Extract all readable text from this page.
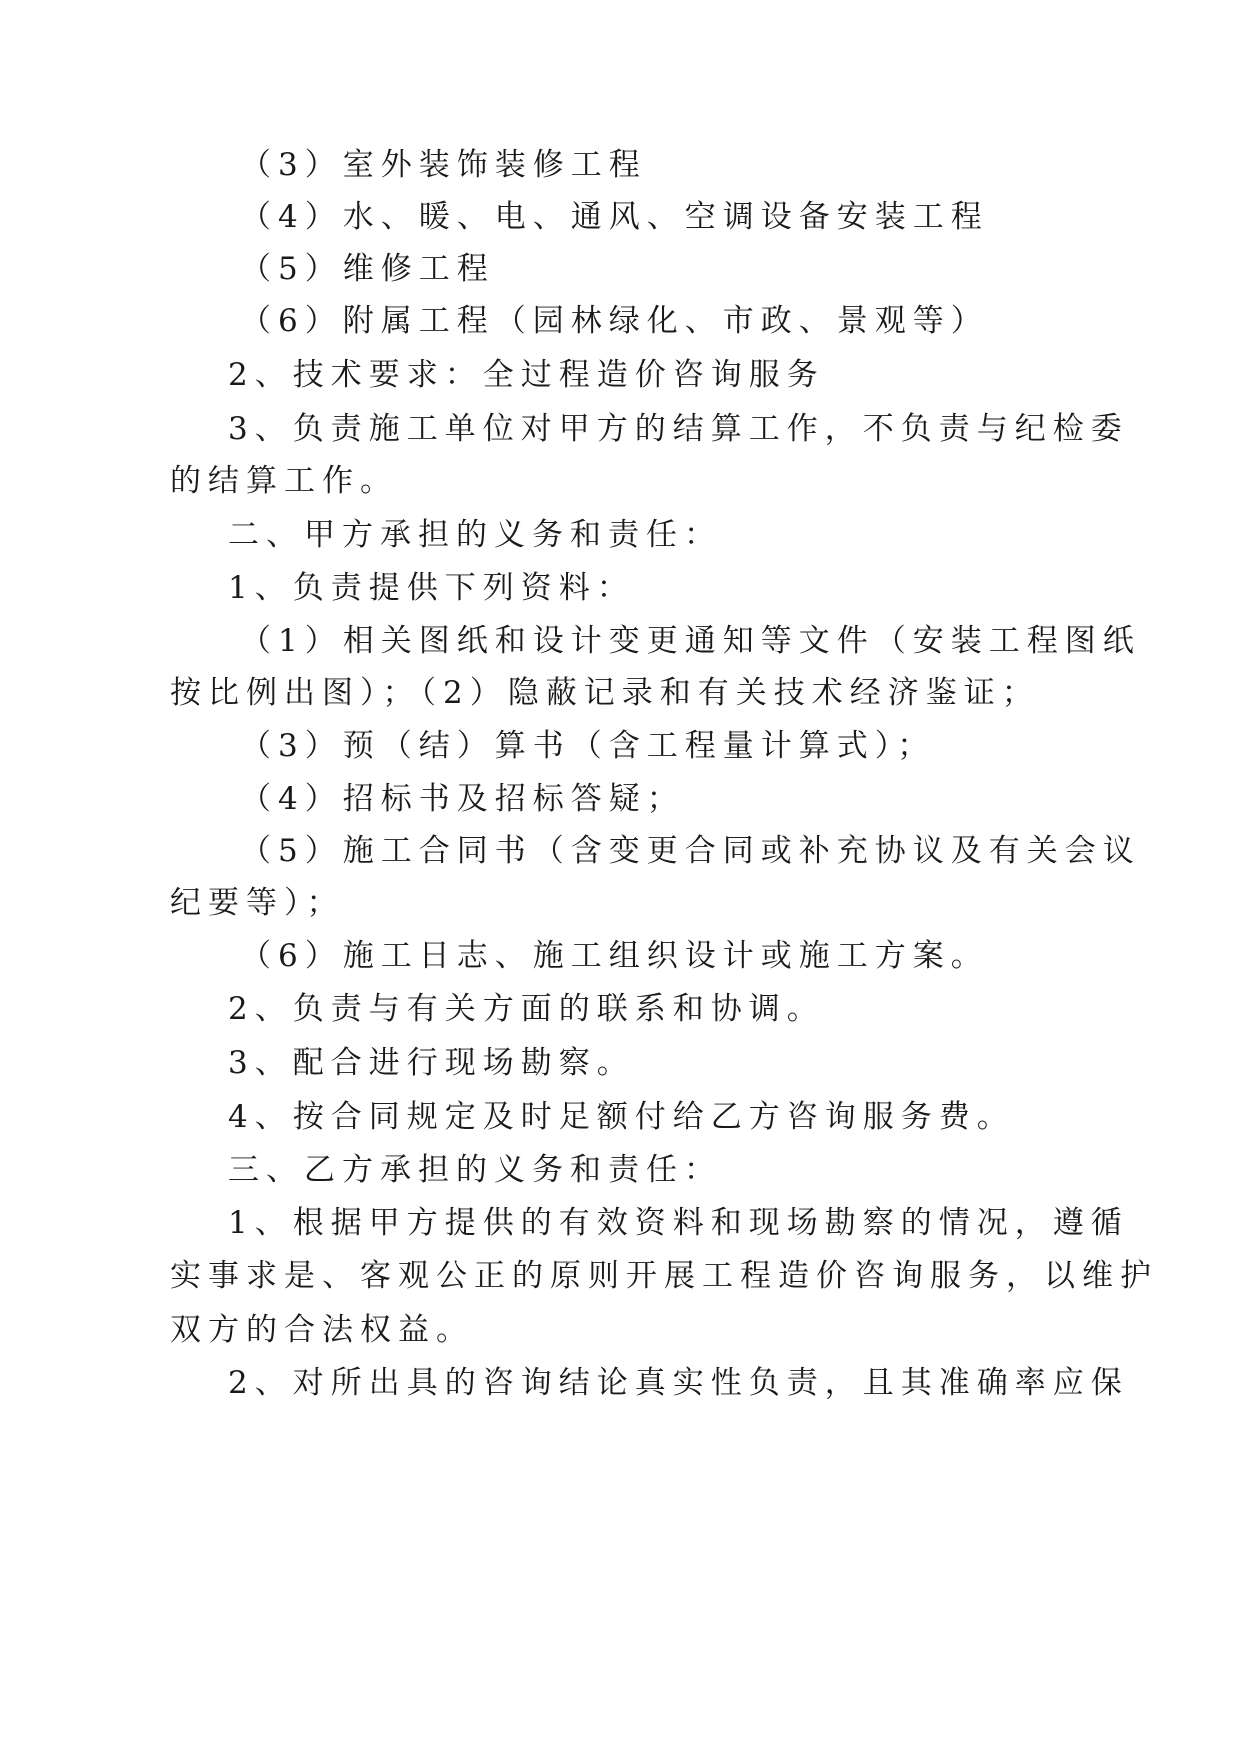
（3）室外装饰装修工程
（4）水、暖、电、通风、空调设备安装工程
（5）维修工程
（6）附属工程（园林绿化、市政、景观等）
2、技术要求：全过程造价咨询服务
3、负责施工单位对甲方的结算工作，不负责与纪检委
的结算工作。
二、甲方承担的义务和责任：
1、负责提供下列资料：
（1）相关图纸和设计变更通知等文件（安装工程图纸
按比例出图）；（2）隐蔽记录和有关技术经济鉴证；
（3）预（结）算书（含工程量计算式）；
（4）招标书及招标答疑；
（5）施工合同书（含变更合同或补充协议及有关会议
纪要等）；
（6）施工日志、施工组织设计或施工方案。
2、负责与有关方面的联系和协调。
3、配合进行现场勘察。
4、按合同规定及时足额付给乙方咨询服务费。
三、乙方承担的义务和责任：
1、根据甲方提供的有效资料和现场勘察的情况，遵循
实事求是、客观公正的原则开展工程造价咨询服务，以维护
双方的合法权益。
2、对所出具的咨询结论真实性负责，且其准确率应保
